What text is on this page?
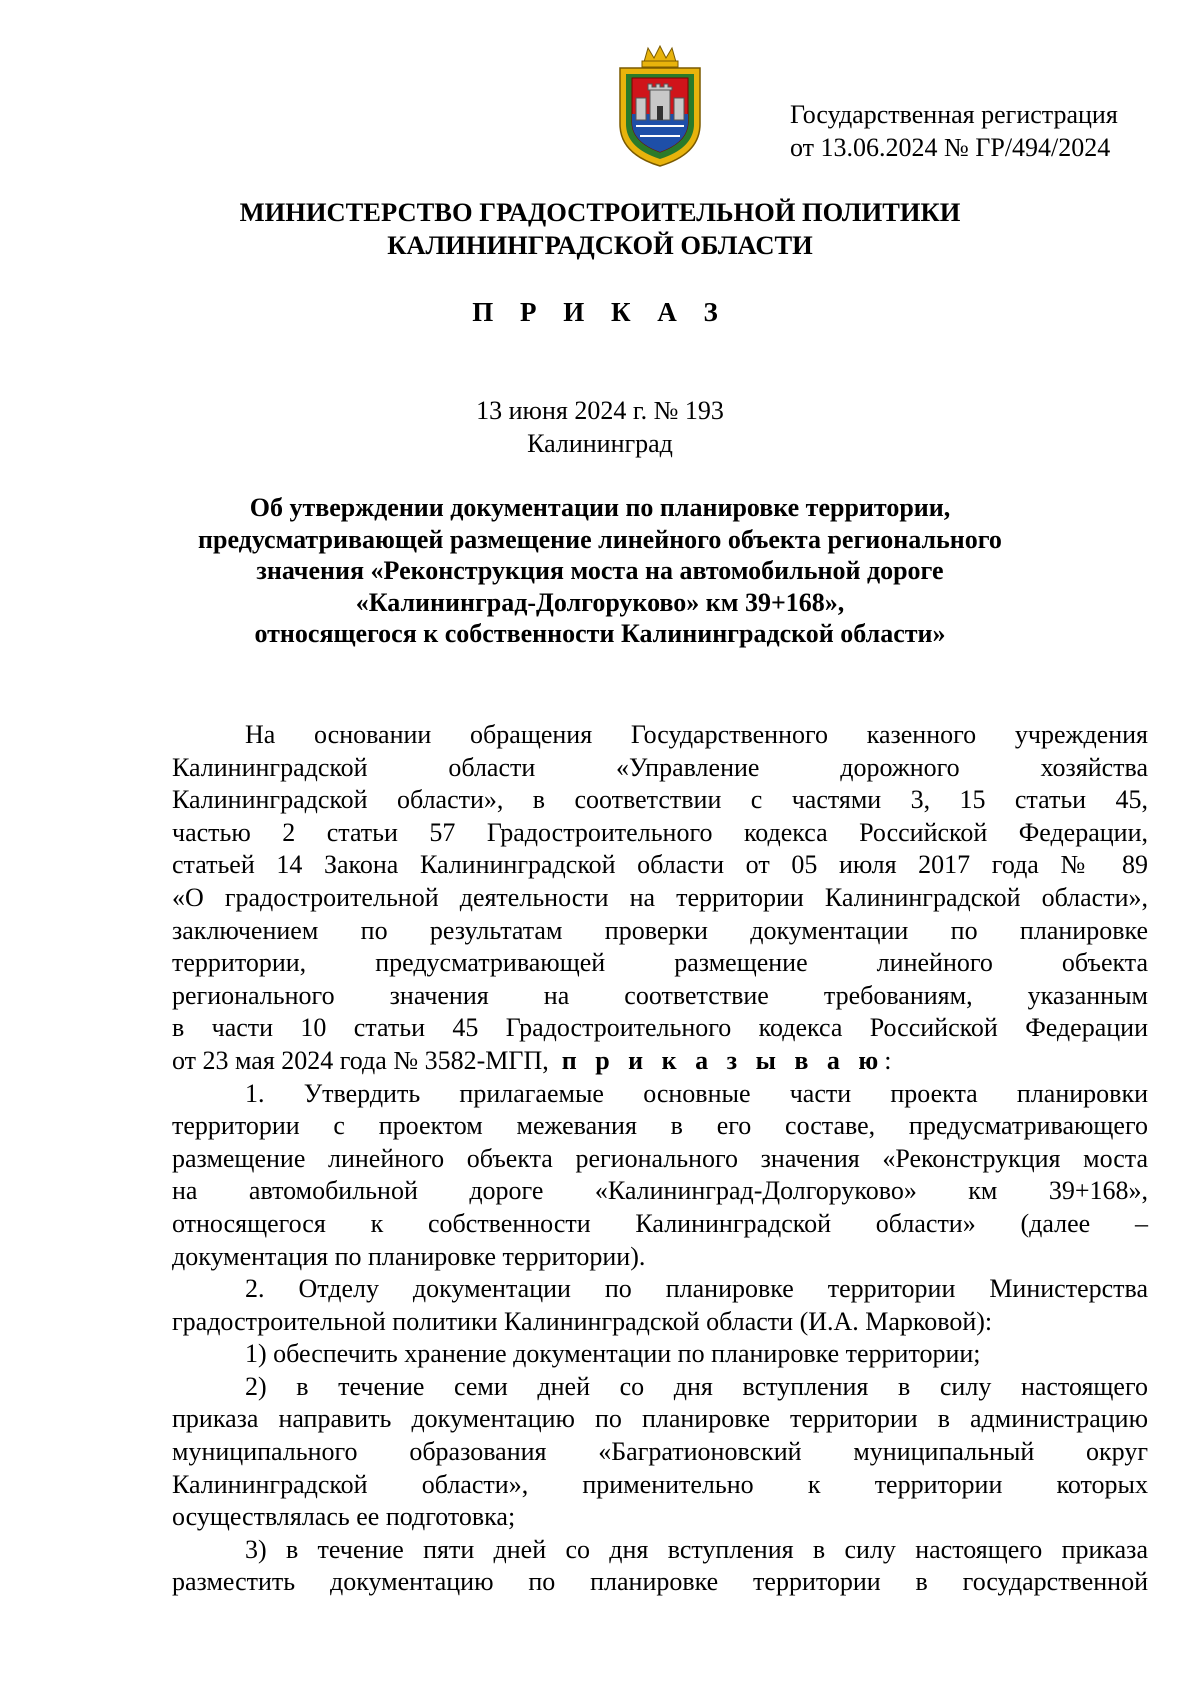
Государственная регистрация
от 13.06.2024 № ГР/494/2024
МИНИСТЕРСТВО ГРАДОСТРОИТЕЛЬНОЙ ПОЛИТИКИ
КАЛИНИНГРАДСКОЙ ОБЛАСТИ
П Р И К А З
13 июня 2024 г. № 193
Калининград
Об утверждении документации по планировке территории,
предусматривающей размещение линейного объекта регионального
значения «Реконструкция моста на автомобильной дороге
«Калининград-Долгоруково» км 39+168»,
относящегося к собственности Калининградской области»
На основании обращения Государственного казенного учреждения
Калининградской области «Управление дорожного хозяйства
Калининградской области», в соответствии с частями 3, 15 статьи 45,
частью 2 статьи 57 Градостроительного кодекса Российской Федерации,
статьей 14 Закона Калининградской области от 05 июля 2017 года № 89
«О градостроительной деятельности на территории Калининградской области»,
заключением по результатам проверки документации по планировке
территории, предусматривающей размещение линейного объекта
регионального значения на соответствие требованиям, указанным
в части 10 статьи 45 Градостроительного кодекса Российской Федерации
от 23 мая 2024 года № 3582-МГП, п р и к а з ы в а ю:
1. Утвердить прилагаемые основные части проекта планировки
территории с проектом межевания в его составе, предусматривающего
размещение линейного объекта регионального значения «Реконструкция моста
на автомобильной дороге «Калининград-Долгоруково» км 39+168»,
относящегося к собственности Калининградской области» (далее –
документация по планировке территории).
2. Отделу документации по планировке территории Министерства
градостроительной политики Калининградской области (И.А. Марковой):
1) обеспечить хранение документации по планировке территории;
2) в течение семи дней со дня вступления в силу настоящего
приказа направить документацию по планировке территории в администрацию
муниципального образования «Багратионовский муниципальный округ
Калининградской области», применительно к территории которых
осуществлялась ее подготовка;
3) в течение пяти дней со дня вступления в силу настоящего приказа
разместить документацию по планировке территории в государственной
